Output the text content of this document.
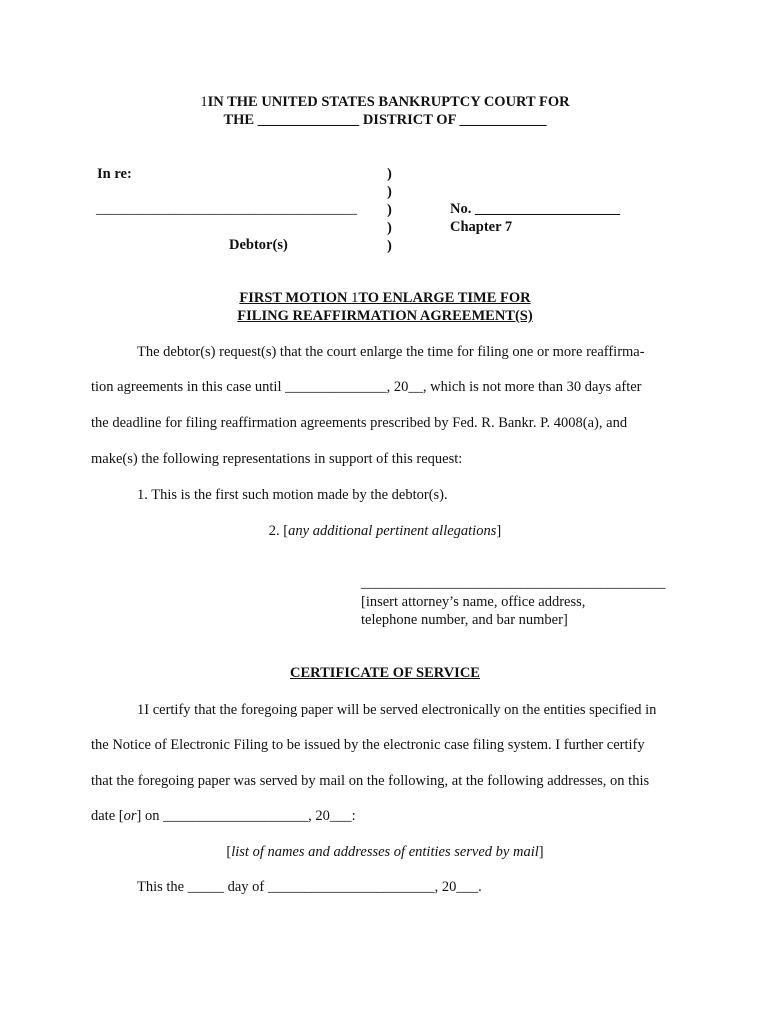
1IN THE UNITED STATES BANKRUPTCY COURT FOR
THE ______________ DISTRICT OF ____________
In re:
____________________________________
Debtor(s)
)
)
)
)
)
No. ____________________
Chapter 7
FIRST MOTION 1TO ENLARGE TIME FOR
FILING REAFFIRMATION AGREEMENT(S)
The debtor(s) request(s) that the court enlarge the time for filing one or more reaffirma-
tion agreements in this case until ______________, 20__, which is not more than 30 days after
the deadline for filing reaffirmation agreements prescribed by Fed. R. Bankr. P. 4008(a), and
make(s) the following representations in support of this request:
1. This is the first such motion made by the debtor(s).
2. [any additional pertinent allegations]
__________________________________________
[insert attorney’s name, office address,
telephone number, and bar number]
CERTIFICATE OF SERVICE
1I certify that the foregoing paper will be served electronically on the entities specified in
the Notice of Electronic Filing to be issued by the electronic case filing system. I further certify
that the foregoing paper was served by mail on the following, at the following addresses, on this
date [or] on ____________________, 20___:
[list of names and addresses of entities served by mail]
This the _____ day of _______________________, 20___.
